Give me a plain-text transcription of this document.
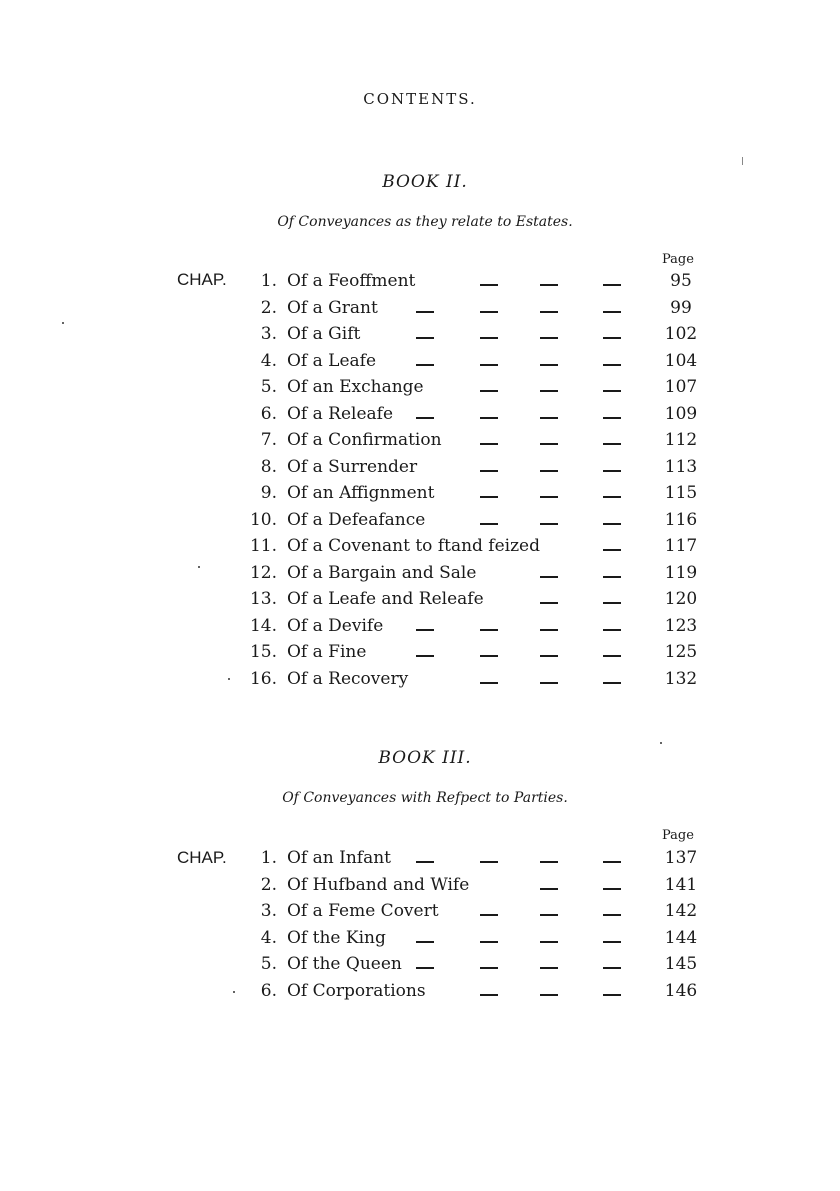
CONTENTS.
BOOK II.
Of Conveyances as they relate to Estates.
Page
CHAP. 1. Of a Feoffment	95
2. Of a Grant	99
3. Of a Gift	102
4. Of a Leafe	104
5. Of an Exchange	107
6. Of a Releafe	109
7. Of a Confirmation	112
8. Of a Surrender	113
9. Of an Affignment	115
10. Of a Defeafance	116
11. Of a Covenant to ftand feized	117
12. Of a Bargain and Sale	119
13. Of a Leafe and Releafe	120
14. Of a Devife	123
15. Of a Fine	125
16. Of a Recovery	132
BOOK III.
Of Conveyances with Refpect to Parties.
Page
CHAP. 1. Of an Infant	137
2. Of Hufband and Wife	141
3. Of a Feme Covert	142
4. Of the King	144
5. Of the Queen	145
6. Of Corporations	146
